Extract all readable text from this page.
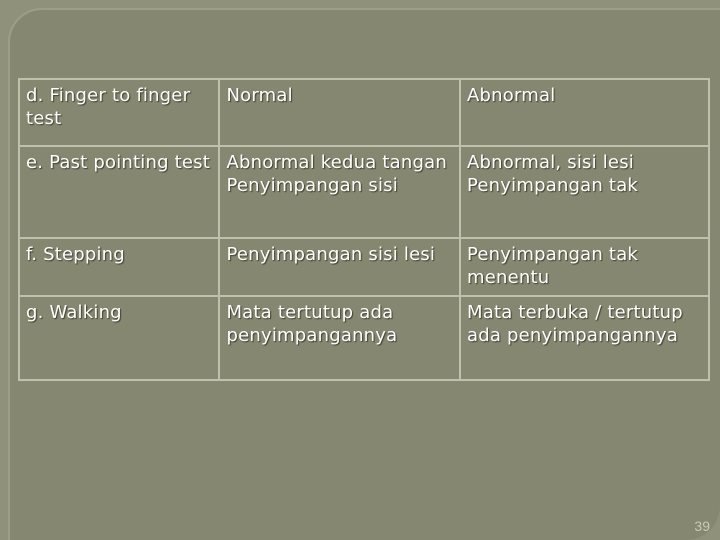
d. Finger to finger test	Normal	Abnormal
e. Past pointing test	Abnormal kedua tangan Penyimpangan sisi	Abnormal, sisi lesi Penyimpangan tak
f. Stepping	Penyimpangan sisi lesi	Penyimpangan tak menentu
g. Walking	Mata tertutup ada penyimpangannya	Mata terbuka / tertutup ada penyimpangannya
39
